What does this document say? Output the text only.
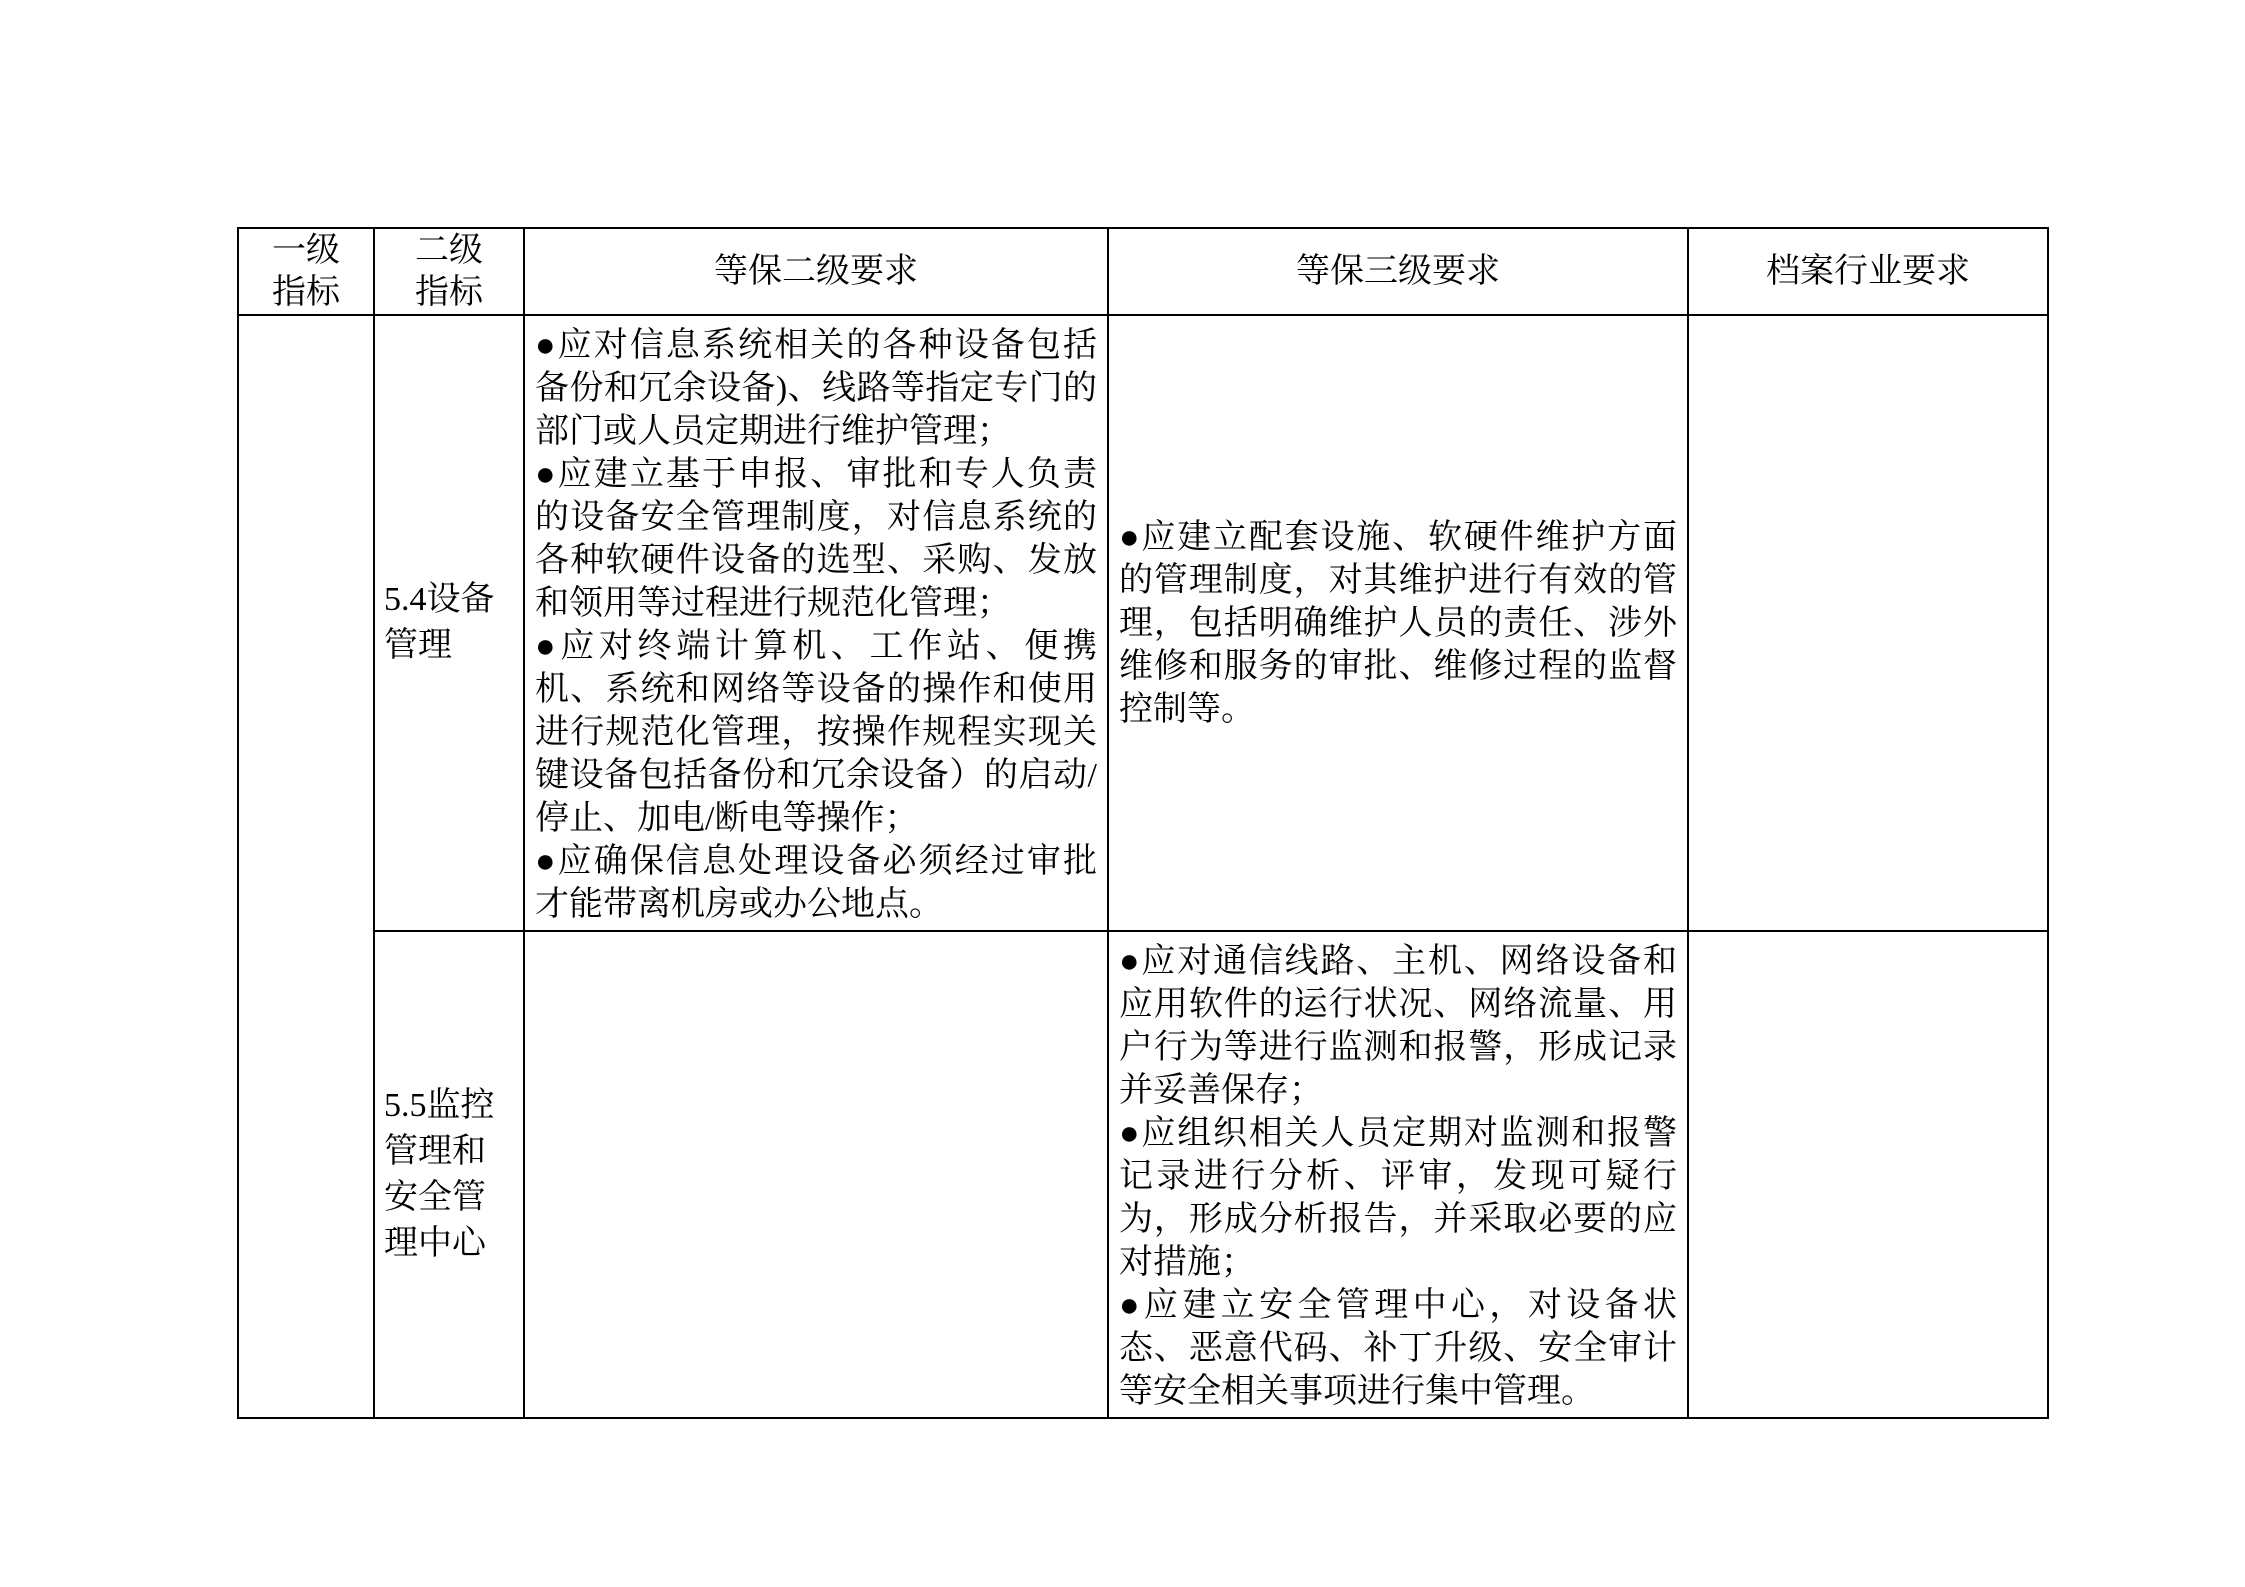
一级指标	二级指标	等保二级要求	等保三级要求	档案行业要求
	5.4设备管理	●应对信息系统相关的各种设备包括备份和冗余设备)、线路等指定专门的部门或人员定期进行维护管理；

●应建立基于申报、审批和专人负责的设备安全管理制度，对信息系统的各种软硬件设备的选型、采购、发放和领用等过程进行规范化管理；

●应对终端计算机、工作站、便携机、系统和网络等设备的操作和使用进行规范化管理，按操作规程实现关键设备包括备份和冗余设备）的启动/停止、加电/断电等操作；

●应确保信息处理设备必须经过审批才能带离机房或办公地点。	●应建立配套设施、软硬件维护方面的管理制度，对其维护进行有效的管理，包括明确维护人员的责任、涉外维修和服务的审批、维修过程的监督控制等。	

	5.5监控管理和安全管理中心		●应对通信线路、主机、网络设备和应用软件的运行状况、网络流量、用户行为等进行监测和报警，形成记录并妥善保存；

●应组织相关人员定期对监测和报警记录进行分析、评审，发现可疑行为，形成分析报告，并采取必要的应对措施；

●应建立安全管理中心，对设备状态、恶意代码、补丁升级、安全审计等安全相关事项进行集中管理。	
